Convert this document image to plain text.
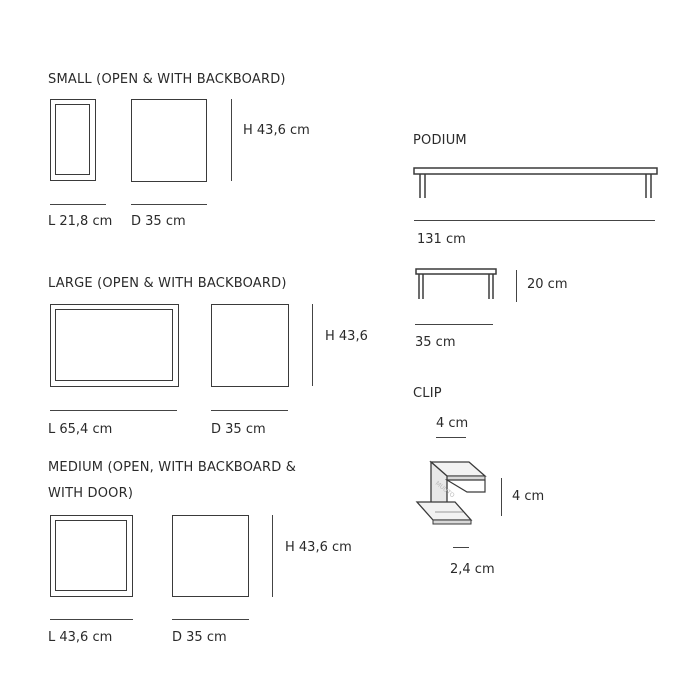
SMALL (OPEN & WITH BACKBOARD)
H 43,6 cm
L 21,8 cm D 35 cm
LARGE (OPEN & WITH BACKBOARD)
H 43,6
L 65,4 cm	D 35 cm
MEDIUM (OPEN, WITH BACKBOARD &
WITH DOOR)
H 43,6 cm
L 43,6 cm	D 35 cm
PODIUM
131 cm
20 cm
35 cm
CLIP
4 cm
MUUTO	4 cm
2,4 cm
